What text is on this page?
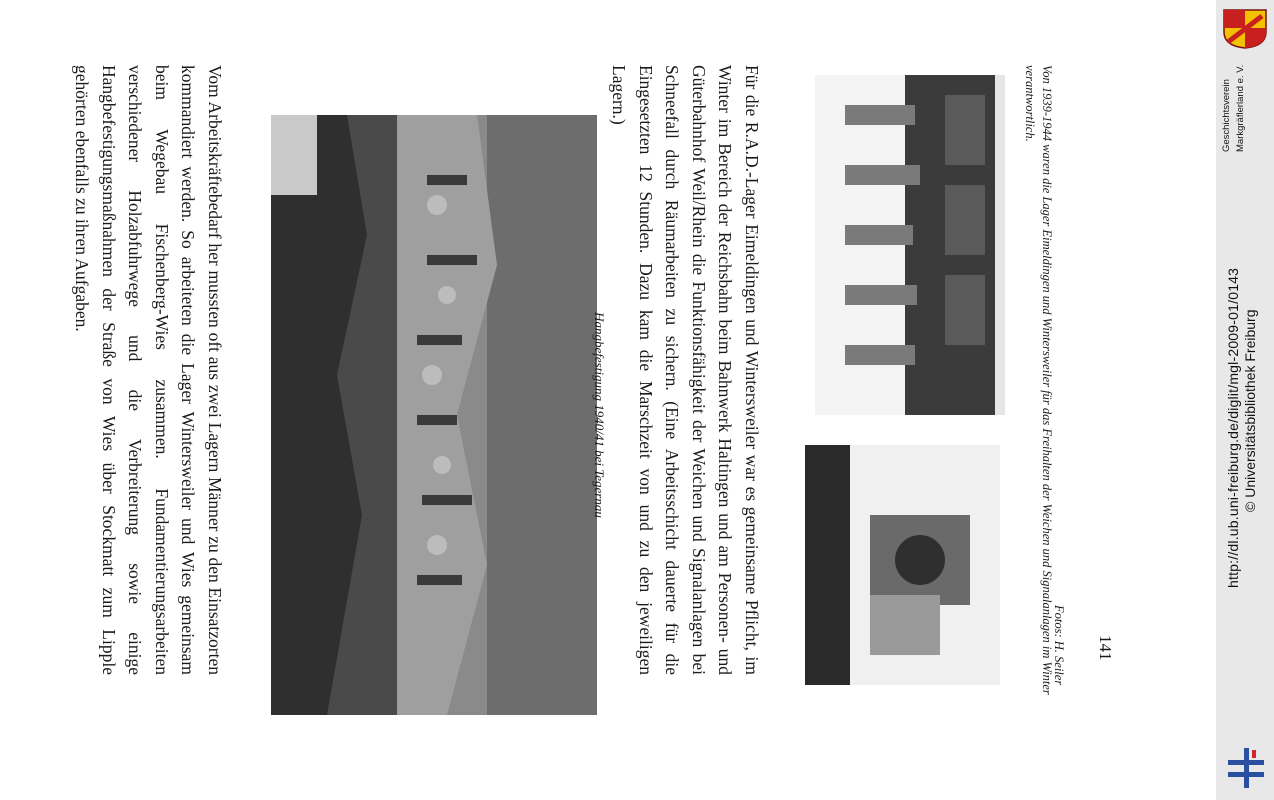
Vom Arbeitskräftebedarf her mussten oft aus zwei Lagern Männer zu den Einsatzorten kommandiert werden. So arbeiteten die Lager Wintersweiler und Wies gemeinsam beim Wegebau Fischenberg-Wies zusammen. Fundamentierungsarbeiten verschiedener Holzabfuhrwege und die Verbreiterung sowie einige Hangbefestigungsmaßnahmen der Straße von Wies über Stockmatt zum Lipple gehörten ebenfalls zu ihren Aufgaben.

Hangbefestigung 1940/41 bei Tegernau	Für die R.A.D.-Lager Eimeldingen und Wintersweiler war es gemeinsame Pflicht, im Winter im Bereich der Reichsbahn beim Bahnwerk Haltingen und am Personen- und Güterbahnhof Weil/Rhein die Funktionsfähigkeit der Weichen und Signalanlagen bei Schneefall durch Räumarbeiten zu sichern. (Eine Arbeitsschicht dauerte für die Eingesetzten 12 Stunden. Dazu kam die Marschzeit von und zu den jeweiligen Lagern.)	Von 1939-1944 waren die Lager Eimeldingen und Wintersweiler für das Freihalten der Weichen und Signalanlagen im Winter verantwortlich.

Fotos: H. Seiler 141
Geschichtsverein Markgräflerland e. V.
http://dl.ub.uni-freiburg.de/diglit/mgl-2009-01/0143 © Universitätsbibliothek Freiburg
